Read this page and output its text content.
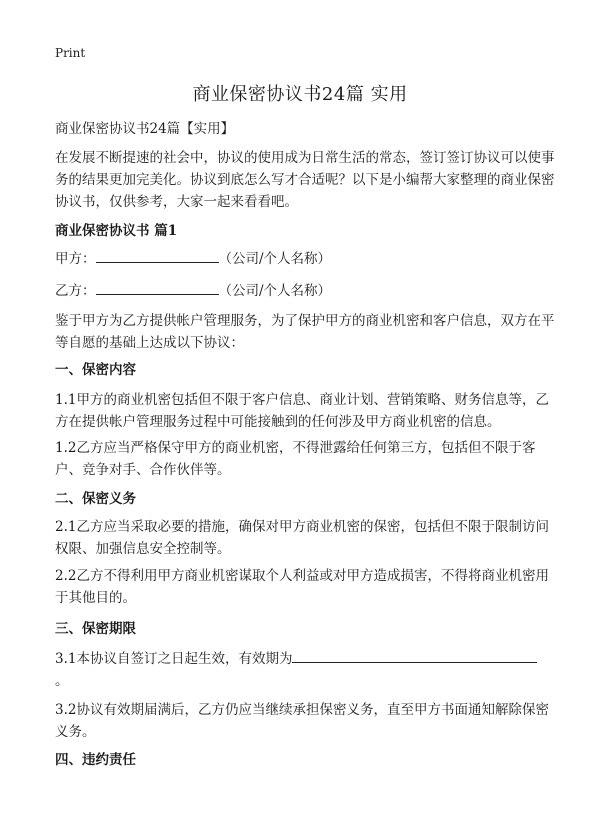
Print
商业保密协议书24篇 实用

商业保密协议书24篇【实用】

在发展不断提速的社会中，协议的使用成为日常生活的常态，签订签订协议可以使事务的结果更加完美化。协议到底怎么写才合适呢？以下是小编帮大家整理的商业保密协议书，仅供参考，大家一起来看看吧。

商业保密协议书 篇1

甲方：	（公司/个人名称）

乙方：	（公司/个人名称）

鉴于甲方为乙方提供帐户管理服务，为了保护甲方的商业机密和客户信息，双方在平等自愿的基础上达成以下协议：

一、保密内容

1.1甲方的商业机密包括但不限于客户信息、商业计划、营销策略、财务信息等，乙方在提供帐户管理服务过程中可能接触到的任何涉及甲方商业机密的信息。

1.2乙方应当严格保守甲方的商业机密，不得泄露给任何第三方，包括但不限于客户、竞争对手、合作伙伴等。

二、保密义务

2.1乙方应当采取必要的措施，确保对甲方商业机密的保密，包括但不限于限制访问权限、加强信息安全控制等。

2.2乙方不得利用甲方商业机密谋取个人利益或对甲方造成损害，不得将商业机密用于其他目的。

三、保密期限

3.1本协议自签订之日起生效，有效期为
。

3.2协议有效期届满后，乙方仍应当继续承担保密义务，直至甲方书面通知解除保密义务。

四、违约责任
